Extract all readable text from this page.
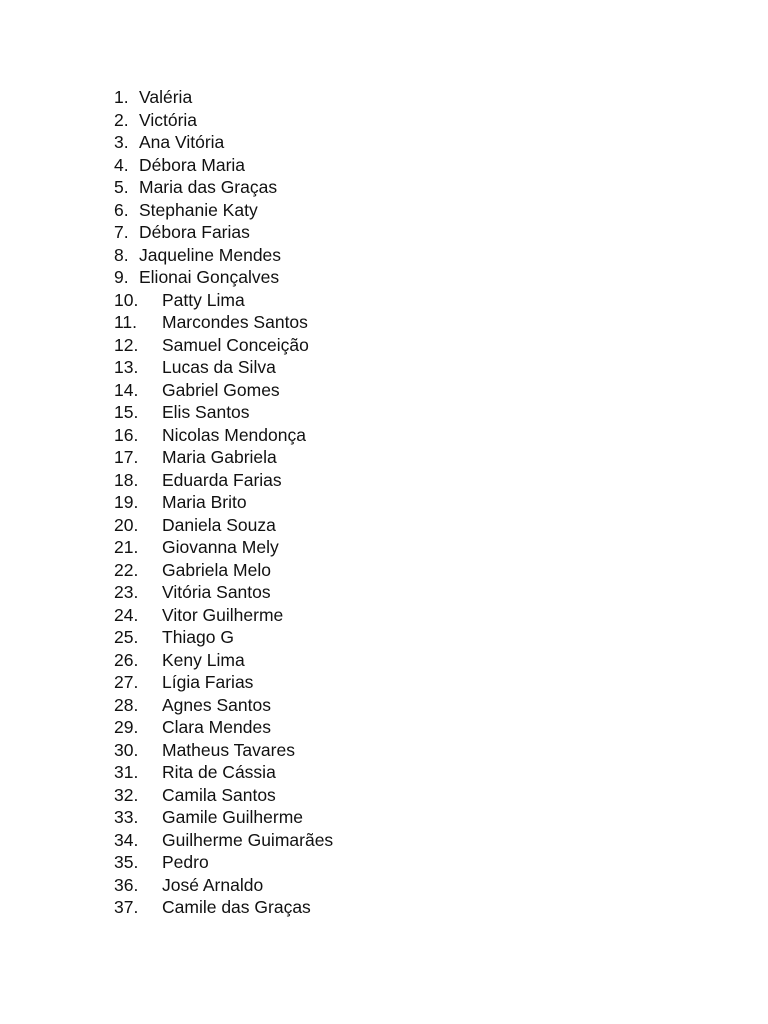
1. Valéria
2. Victória
3. Ana Vitória
4. Débora Maria
5. Maria das Graças
6. Stephanie Katy
7. Débora Farias
8. Jaqueline Mendes
9. Elionai Gonçalves
10. Patty Lima
11. Marcondes Santos
12. Samuel Conceição
13. Lucas da Silva
14. Gabriel Gomes
15. Elis Santos
16. Nicolas Mendonça
17. Maria Gabriela
18. Eduarda Farias
19. Maria Brito
20. Daniela Souza
21. Giovanna Mely
22. Gabriela Melo
23. Vitória Santos
24. Vitor Guilherme
25. Thiago G
26. Keny Lima
27. Lígia Farias
28. Agnes Santos
29. Clara Mendes
30. Matheus Tavares
31. Rita de Cássia
32. Camila Santos
33. Gamile Guilherme
34. Guilherme Guimarães
35. Pedro
36. José Arnaldo
37. Camile das Graças
